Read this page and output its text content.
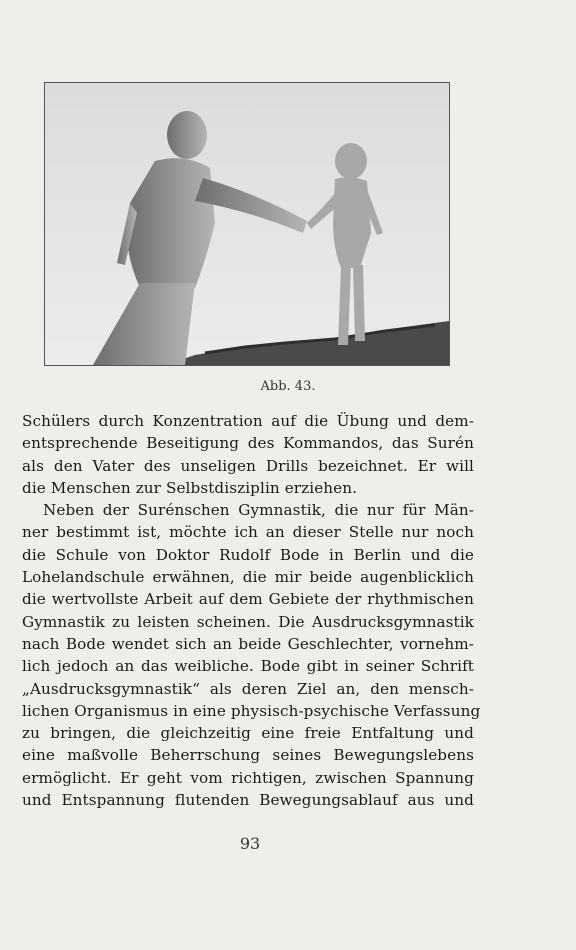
Abb. 43.
Schülers durch Konzentration auf die Übung und dem-
entsprechende Beseitigung des Kommandos, das Surén
als den Vater des unseligen Drills bezeichnet. Er will
die Menschen zur Selbstdisziplin erziehen.
Neben der Surénschen Gymnastik, die nur für Män-
ner bestimmt ist, möchte ich an dieser Stelle nur noch
die Schule von Doktor Rudolf Bode in Berlin und die
Lohelandschule erwähnen, die mir beide augenblicklich
die wertvollste Arbeit auf dem Gebiete der rhythmischen
Gymnastik zu leisten scheinen. Die Ausdrucksgymnastik
nach Bode wendet sich an beide Geschlechter, vornehm-
lich jedoch an das weibliche. Bode gibt in seiner Schrift
„Ausdrucksgymnastik“ als deren Ziel an, den mensch-
lichen Organismus in eine physisch-psychische Verfassung
zu bringen, die gleichzeitig eine freie Entfaltung und
eine maßvolle Beherrschung seines Bewegungslebens
ermöglicht. Er geht vom richtigen, zwischen Spannung
und Entspannung flutenden Bewegungsablauf aus und
93
